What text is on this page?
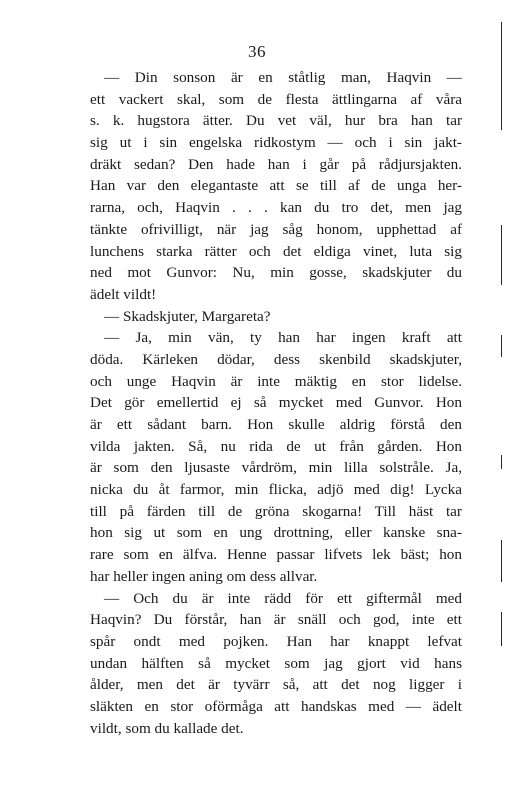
36
— Din sonson är en ståtlig man, Haqvin —
ett vackert skal, som de flesta ättlingarna af våra
s. k. hugstora ätter. Du vet väl, hur bra han tar
sig ut i sin engelska ridkostym — och i sin jakt-
dräkt sedan? Den hade han i går på rådjursjakten.
Han var den elegantaste att se till af de unga her-
rarna, och, Haqvin . . . kan du tro det, men jag
tänkte ofrivilligt, när jag såg honom, upphettad af
lunchens starka rätter och det eldiga vinet, luta sig
ned mot Gunvor: Nu, min gosse, skadskjuter du
ädelt vildt!
— Skadskjuter, Margareta?
— Ja, min vän, ty han har ingen kraft att
döda. Kärleken dödar, dess skenbild skadskjuter,
och unge Haqvin är inte mäktig en stor lidelse.
Det gör emellertid ej så mycket med Gunvor. Hon
är ett sådant barn. Hon skulle aldrig förstå den
vilda jakten. Så, nu rida de ut från gården. Hon
är som den ljusaste vårdröm, min lilla solstråle. Ja,
nicka du åt farmor, min flicka, adjö med dig! Lycka
till på färden till de gröna skogarna! Till häst tar
hon sig ut som en ung drottning, eller kanske sna-
rare som en älfva. Henne passar lifvets lek bäst; hon
har heller ingen aning om dess allvar.
— Och du är inte rädd för ett giftermål med
Haqvin? Du förstår, han är snäll och god, inte ett
spår ondt med pojken. Han har knappt lefvat
undan hälften så mycket som jag gjort vid hans
ålder, men det är tyvärr så, att det nog ligger i
släkten en stor oförmåga att handskas med — ädelt
vildt, som du kallade det.
